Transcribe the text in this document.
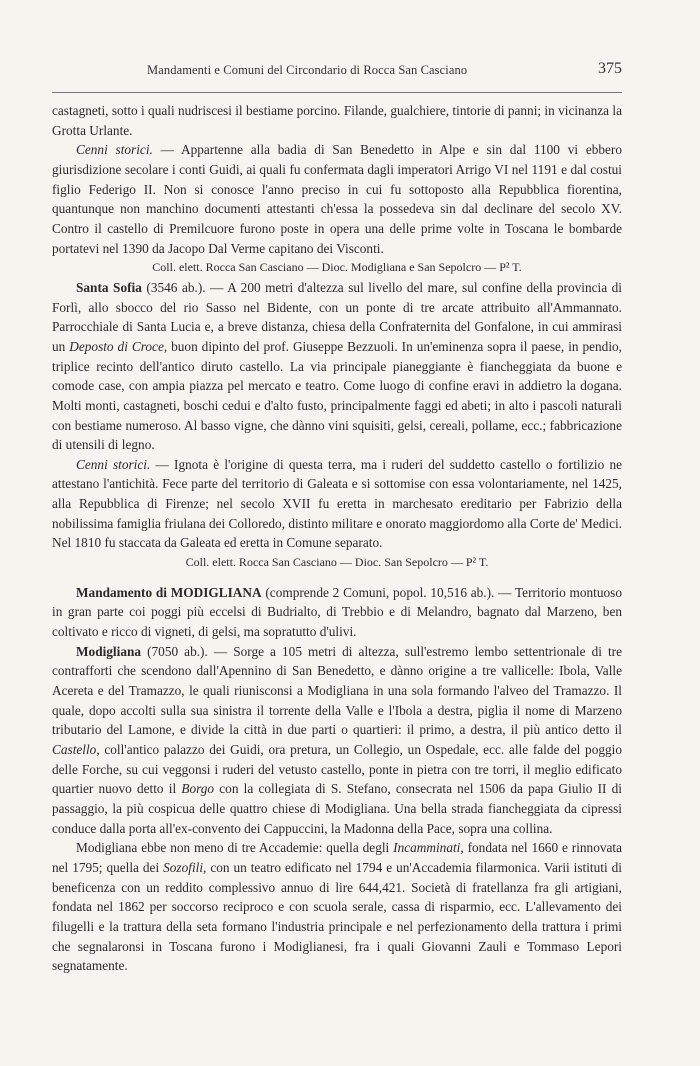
Mandamenti e Comuni del Circondario di Rocca San Casciano	375

castagneti, sotto i quali nudriscesi il bestiame porcino. Filande, gualchiere, tintorie di panni; in vicinanza la Grotta Urlante.

Cenni storici. — Appartenne alla badia di San Benedetto in Alpe e sin dal 1100 vi ebbero giurisdizione secolare i conti Guidi, ai quali fu confermata dagli imperatori Arrigo VI nel 1191 e dal costui figlio Federigo II. Non si conosce l'anno preciso in cui fu sottoposto alla Repubblica fiorentina, quantunque non manchino documenti attestanti ch'essa la possedeva sin dal declinare del secolo XV. Contro il castello di Premilcuore furono poste in opera una delle prime volte in Toscana le bombarde portatevi nel 1390 da Jacopo Dal Verme capitano dei Visconti.

Coll. elett. Rocca San Casciano — Dioc. Modigliana e San Sepolcro — P² T.

Santa Sofia (3546 ab.). — A 200 metri d'altezza sul livello del mare, sul confine della provincia di Forlì, allo sbocco del rio Sasso nel Bidente, con un ponte di tre arcate attribuito all'Ammannato. Parrocchiale di Santa Lucia e, a breve distanza, chiesa della Confraternita del Gonfalone, in cui ammirasi un Deposto di Croce, buon dipinto del prof. Giuseppe Bezzuoli. In un'eminenza sopra il paese, in pendio, triplice recinto dell'antico diruto castello. La via principale pianeggiante è fiancheggiata da buone e comode case, con ampia piazza pel mercato e teatro. Come luogo di confine eravi in addietro la dogana. Molti monti, castagneti, boschi cedui e d'alto fusto, principalmente faggi ed abeti; in alto i pascoli naturali con bestiame numeroso. Al basso vigne, che dànno vini squisiti, gelsi, cereali, pollame, ecc.; fabbricazione di utensili di legno.

Cenni storici. — Ignota è l'origine di questa terra, ma i ruderi del suddetto castello o fortilizio ne attestano l'antichità. Fece parte del territorio di Galeata e si sottomise con essa volontariamente, nel 1425, alla Repubblica di Firenze; nel secolo XVII fu eretta in marchesato ereditario per Fabrizio della nobilissima famiglia friulana dei Colloredo, distinto militare e onorato maggiordomo alla Corte de' Medici. Nel 1810 fu staccata da Galeata ed eretta in Comune separato.

Coll. elett. Rocca San Casciano — Dioc. San Sepolcro — P² T.

Mandamento di MODIGLIANA (comprende 2 Comuni, popol. 10,516 ab.). — Territorio montuoso in gran parte coi poggi più eccelsi di Budrialto, di Trebbio e di Melandro, bagnato dal Marzeno, ben coltivato e ricco di vigneti, di gelsi, ma sopratutto d'ulivi.

Modigliana (7050 ab.). — Sorge a 105 metri di altezza, sull'estremo lembo settentrionale di tre contrafforti che scendono dall'Apennino di San Benedetto, e dànno origine a tre vallicelle: Ibola, Valle Acereta e del Tramazzo, le quali riunisconsi a Modigliana in una sola formando l'alveo del Tramazzo. Il quale, dopo accolti sulla sua sinistra il torrente della Valle e l'Ibola a destra, piglia il nome di Marzeno tributario del Lamone, e divide la città in due parti o quartieri: il primo, a destra, il più antico detto il Castello, coll'antico palazzo dei Guidi, ora pretura, un Collegio, un Ospedale, ecc. alle falde del poggio delle Forche, su cui veggonsi i ruderi del vetusto castello, ponte in pietra con tre torri, il meglio edificato quartier nuovo detto il Borgo con la collegiata di S. Stefano, consecrata nel 1506 da papa Giulio II di passaggio, la più cospicua delle quattro chiese di Modigliana. Una bella strada fiancheggiata da cipressi conduce dalla porta all'ex-convento dei Cappuccini, la Madonna della Pace, sopra una collina.

Modigliana ebbe non meno di tre Accademie: quella degli Incamminati, fondata nel 1660 e rinnovata nel 1795; quella dei Sozofili, con un teatro edificato nel 1794 e un'Accademia filarmonica. Varii istituti di beneficenza con un reddito complessivo annuo di lire 644,421. Società di fratellanza fra gli artigiani, fondata nel 1862 per soccorso reciproco e con scuola serale, cassa di risparmio, ecc. L'allevamento dei filugelli e la trattura della seta formano l'industria principale e nel perfezionamento della trattura i primi che segnalaronsi in Toscana furono i Modiglianesi, fra i quali Giovanni Zauli e Tommaso Lepori segnatamente.
